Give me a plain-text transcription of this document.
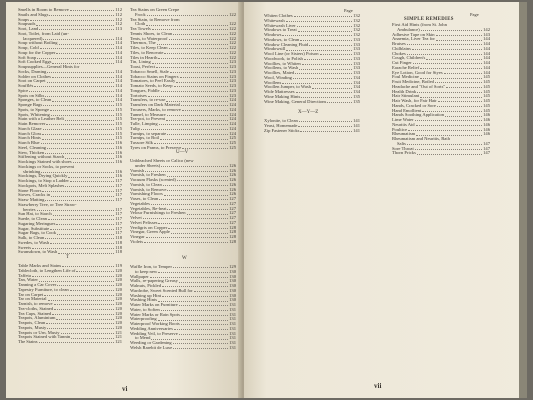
Smells in Room to Remove	112
Snails and Slugs	112
Soaps	112
Soapsuds	112
Soot, Land	113
Soot, Toilet, from Laid (un-
lacquered)	114
Soup without Boiling	114
Soup, Cold	114
Soup for the Copper	114
Soft Soap	114
Soft Cooked Eggs	114
Soupsupplies—General Hints for
Socks, Darning	114
Solder on Clothes	114
Soot on Carpet	114
Soufflés	114
Spice	114
Spots on Silks	114
Sponges, to Clean	114
Sponge Bags	115
Spots, to Sponge	115
Spots, Whitening	115
Stain with a Leather Belt	115
Stain Remover	115
Starch Glaze	115
Starch Gloss	115
Starch Hints	115
Starch Blue	116
Steel, Cleaning	116
Stew, Thicken	116
Stiffening without Starch	116
Stockings Stained with shoes	116
Stockings or Socks, to prevent
shrinking	116
Stockings, Drying Quickly	116
Stockings, to Stop a Ladder	117
Stockpots, Melt Splashes	117
Stone Floors	117
Stoves, Cracks in	117
Straw Matting	117
Strawberry Tree, or Tree Straw-
berries	117
Sun Hat, to Starch	117
Suede, to Clean	117
Sugaring Meringues	117
Sugar, Substitute	117
Sugar Bags, to Cook	117
Sulk, to Clean	118
Swedes, to Wash	118
Sweets	118
Swansdown, to Wash	118
T
Table Marks and Stains	119
Tablecloth, to Lengthen Life of	120
Taffeta	120
Tan, Water	120
Tanning a Car Cover	120
Tapestry Furniture, to clean	120
Tar on Carpet	120
Tar on Material	120
Tarnish, to remove	120
Tea-cloths, Stained	120
Tea Cups, Stained	120
Teapots, Aluminium	120
Teapots, Clean	120
Teapots, Musty	120
Teapots or Urn, Musty	121
Teapots Stained with Tannin	121
The Stains	121
Tea Stains on Green Crepe
Frock	122
Tea Stain, to Remove from
Cloth	122
Tea Towels	122
Tennis Shoes, to Clean	122
Tents, to Waterproof	122
Thermos, The	122
Tiles, to Keep Clean	122
Tiles, to Renovate	122
Tiles in Hearth	122
Tin, Lining	123
Toast, Perfect	123
Tobacco Smell, Stale	123
Tobacco Stains on Fingers	123
Tomatoes, to Peel Easily	123
Tomato Seeds, to Keep	123
Tongues, Fiddle	123
Tortoises	123
Transfers, to re-use	124
Transfers on Dark Material	124
Trousers, Marks, to remove	124
Tunnel, to Measure	124
Tea-pot, to Prevent	124
Tulle, Limping	124
Tulip	124
Turnips, to separate	124
Turnips, to Boil	125
Tussore Silk	125
Tyres on Prams, to Preserve	125
U—V
Unbleached Sheets or Calico (new
under Sheets)	126
Varnish	126
Varnish, to Freshen	126
Vacuum Flasks (scented)	126
Varnish, to Clean	126
Varnish, to Remove	126
Varnishing Floors	126
Vases, to Clean	127
Vegetables	127
Vegetables, Re-heat	127
Velour Furnishings to Freshen	127
Velvet	127
Velvet Pelisses	127
Verdigris on Copper	128
Vinegar, Green Apple	128
Vinegar	128
Violets	128
W
Waffle Iron, to Temper	129
to keep new	130
Wallpaper	130
Walls, re-papering Greasy	130
Walnuts, Pickled	130
Wardrobe, Sweet Scented Bull for	130
Washing up Hint	130
Washing Hints	130
Water Marks on Furniture	131
Water, to Soften	131
Water Marks or Rain Spots	131
Waterproofing	131
Waterproof Working Boots	131
Wedding Anniversaries	131
Wedding Veil, to Preserve	131
to Mend	131
Weeding or Gardening	131
Welsh Rarebit de Luxe	131
vi
Page
Whiten Clothes	132
Whitewash	132
Whitewash Liver	132
Windows to Treat	132
Windows	132
Windows, to Clean	133
Window Cleaning Fluid	133
Windowsill	133
Wool Line (or Sisters) Poison	133
Woodwork, to Polish	133
Woollies, to Whiten	133
Woollens, to Wash	133
Woollies, Mated	133
Wool, Winding	134
Woollens	134
Woollen Jumper, to Wash	134
Wide Mattresses	134
Wine Making Hints	135
Wine Making, General Directions	135
X—Y—Z
Xylonite, to Clean	141
Yeast, Homemade	141
Zip Fastener Sticks	141
Page
SIMPLE REMEDIES
First Aid Hints (from St. John
Ambulance)	142
Adhesive Tape on Skin	143
Anaemia, Liver Tea for	144
Bruises	144
Chilblains	144
Chokes	144
Cough, Children's	144
Cut Finger	144
Earache Relief	144
Eye Lotion, Good for Styes	144
Foul Medicine	145
Fruit Medicine, Boiled	145
Headache and "Out of Sorts"	145
Health Drink	145
Hair Stimulant	145
Hair Wash, for Fair Hair	145
Hands, Cracked or Sore	145
Hand Emollient	145
Hands Soothing Application	146
Lime Water	146
Neuritis Aid	146
Poultice	146
Rheumatism	146
Rheumatism and Neuritis, Bath
Salts	147
Sore Throat	147
Thorn Pricks	147
vii
